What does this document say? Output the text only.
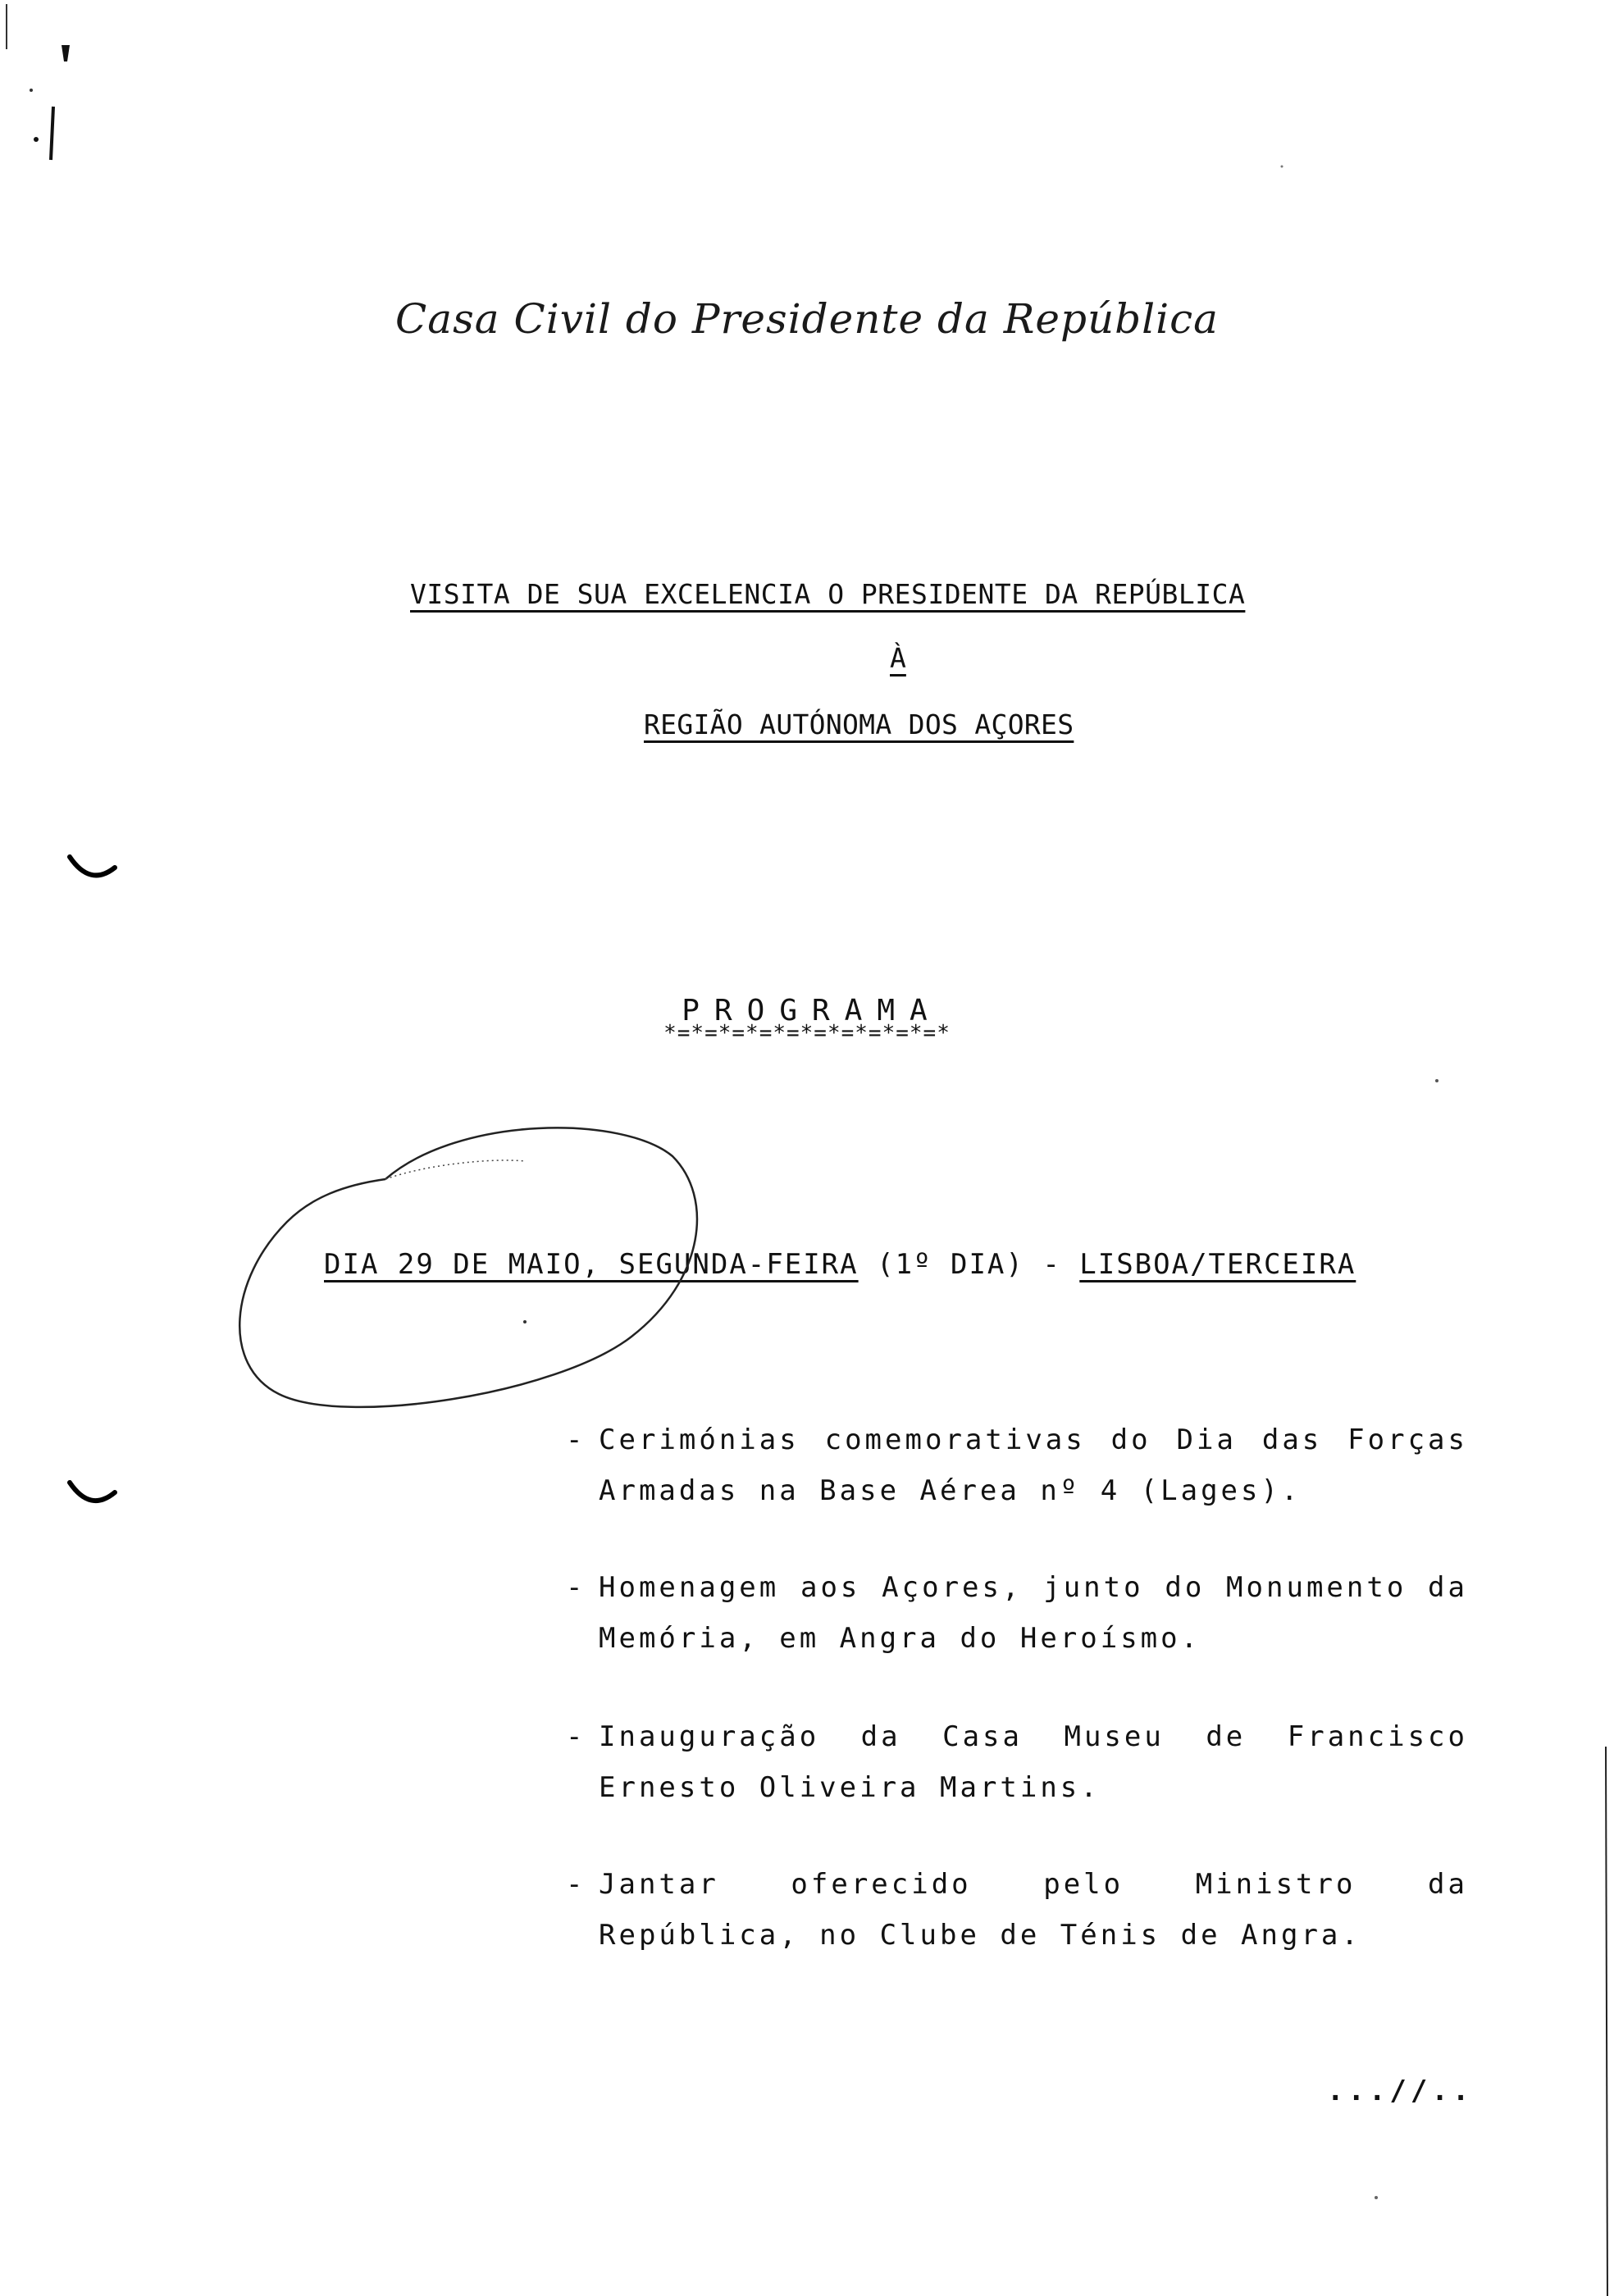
Casa Civil do Presidente da República
VISITA DE SUA EXCELENCIA O PRESIDENTE DA REPÚBLICA
À
REGIÃO AUTÓNOMA DOS AÇORES
PROGRAMA
*=*=*=*=*=*=*=*=*=*=*
DIA 29 DE MAIO, SEGUNDA-FEIRA (1º DIA) - LISBOA/TERCEIRA
- Cerimónias comemorativas do Dia das Forças Armadas na Base Aérea nº 4 (Lages).
- Homenagem aos Açores, junto do Monumento da Memória, em Angra do Heroísmo.
- Inauguração da Casa Museu de Francisco Ernesto Oliveira Martins.
- Jantar oferecido pelo Ministro da República, no Clube de Ténis de Angra.
...//..
